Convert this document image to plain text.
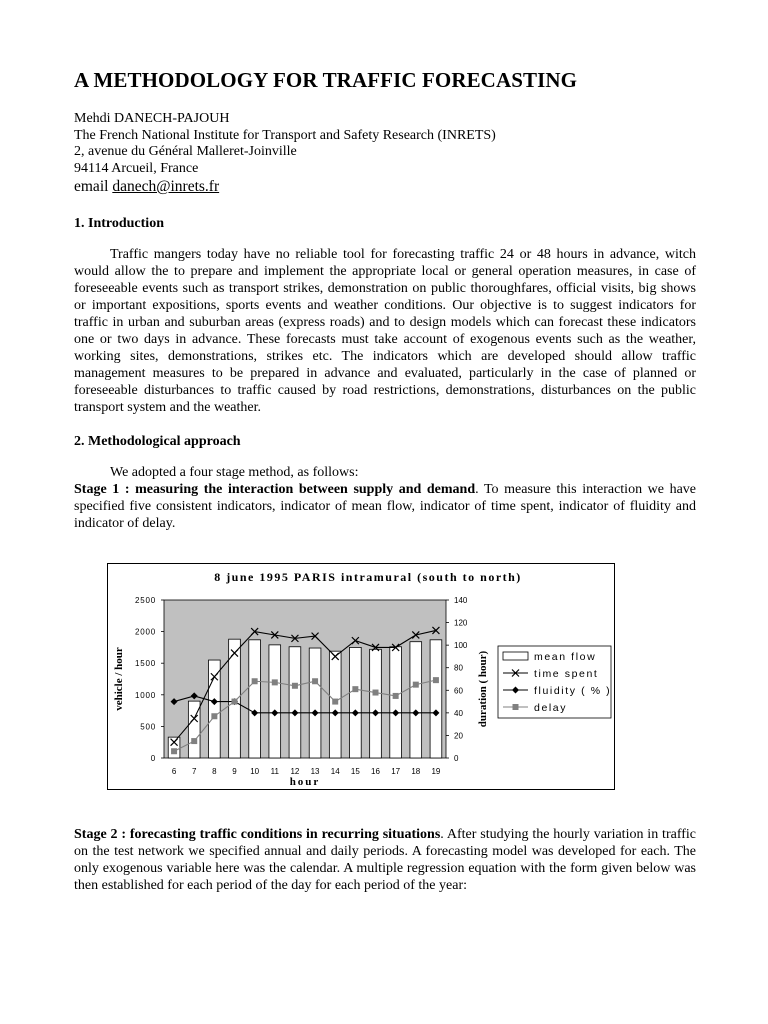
A METHODOLOGY FOR TRAFFIC FORECASTING
Mehdi DANECH-PAJOUH
The French National Institute for Transport and Safety Research (INRETS)
2, avenue du Général Malleret-Joinville
94114 Arcueil, France
email danech@inrets.fr
1. Introduction

Traffic mangers today have no reliable tool for forecasting traffic 24 or 48 hours in advance, witch would allow the to prepare and implement the appropriate local or general operation measures, in case of foreseeable events such as transport strikes, demonstration on public thoroughfares, official visits, big shows or important expositions, sports events and weather conditions. Our objective is to suggest indicators for traffic in urban and suburban areas (express roads) and to design models which can forecast these indicators one or two days in advance. These forecasts must take account of exogenous events such as the weather, working sites, demonstrations, strikes etc. The indicators which are developed should allow traffic management measures to be prepared in advance and evaluated, particularly in the case of planned or foreseeable disturbances to traffic caused by road restrictions, demonstrations, disturbances on the public transport system and the weather.

2. Methodological approach

We adopted a four stage method, as follows:

Stage 1 : measuring the interaction between supply and demand. To measure this interaction we have specified five consistent indicators, indicator of mean flow, indicator of time spent, indicator of fluidity and indicator of delay.

8 june 1995 PARIS intramural (south to north)
2500
2000
1500
1000
500
0
140
120
100
80
60
40
20
0
vehicle / hour	duration ( hour)
hour
6 7 8 9 10 11 12 13 14 15 16 17 18 19
mean flow
time spent
fluidity ( % )
delay

Stage 2 : forecasting traffic conditions in recurring situations. After studying the hourly variation in traffic on the test network we specified annual and daily periods. A forecasting model was developed for each. The only exogenous variable here was the calendar. A multiple regression equation with the form given below was then established for each period of the day for each period of the year:
